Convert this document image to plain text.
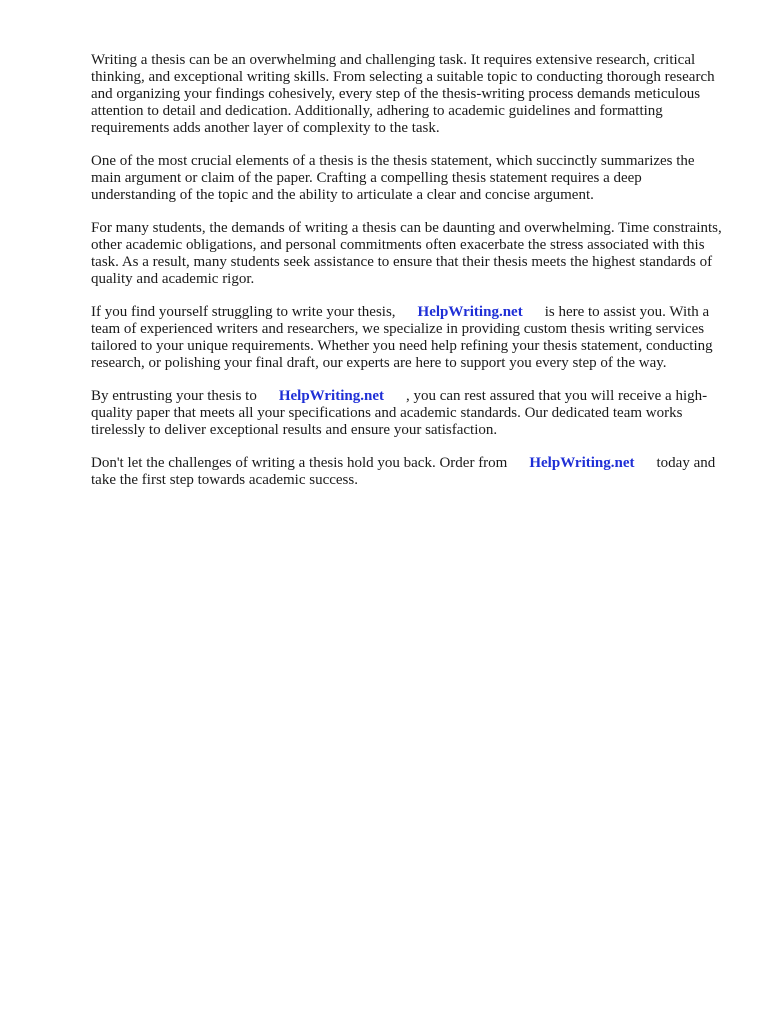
Writing a thesis can be an overwhelming and challenging task. It requires extensive research, critical thinking, and exceptional writing skills. From selecting a suitable topic to conducting thorough research and organizing your findings cohesively, every step of the thesis-writing process demands meticulous attention to detail and dedication. Additionally, adhering to academic guidelines and formatting requirements adds another layer of complexity to the task.

One of the most crucial elements of a thesis is the thesis statement, which succinctly summarizes the main argument or claim of the paper. Crafting a compelling thesis statement requires a deep understanding of the topic and the ability to articulate a clear and concise argument.

For many students, the demands of writing a thesis can be daunting and overwhelming. Time constraints, other academic obligations, and personal commitments often exacerbate the stress associated with this task. As a result, many students seek assistance to ensure that their thesis meets the highest standards of quality and academic rigor.

If you find yourself struggling to write your thesis, HelpWriting.net is here to assist you. With a team of experienced writers and researchers, we specialize in providing custom thesis writing services tailored to your unique requirements. Whether you need help refining your thesis statement, conducting research, or polishing your final draft, our experts are here to support you every step of the way.

By entrusting your thesis to HelpWriting.net , you can rest assured that you will receive a high-quality paper that meets all your specifications and academic standards. Our dedicated team works tirelessly to deliver exceptional results and ensure your satisfaction.

Don't let the challenges of writing a thesis hold you back. Order from HelpWriting.net today and take the first step towards academic success.
